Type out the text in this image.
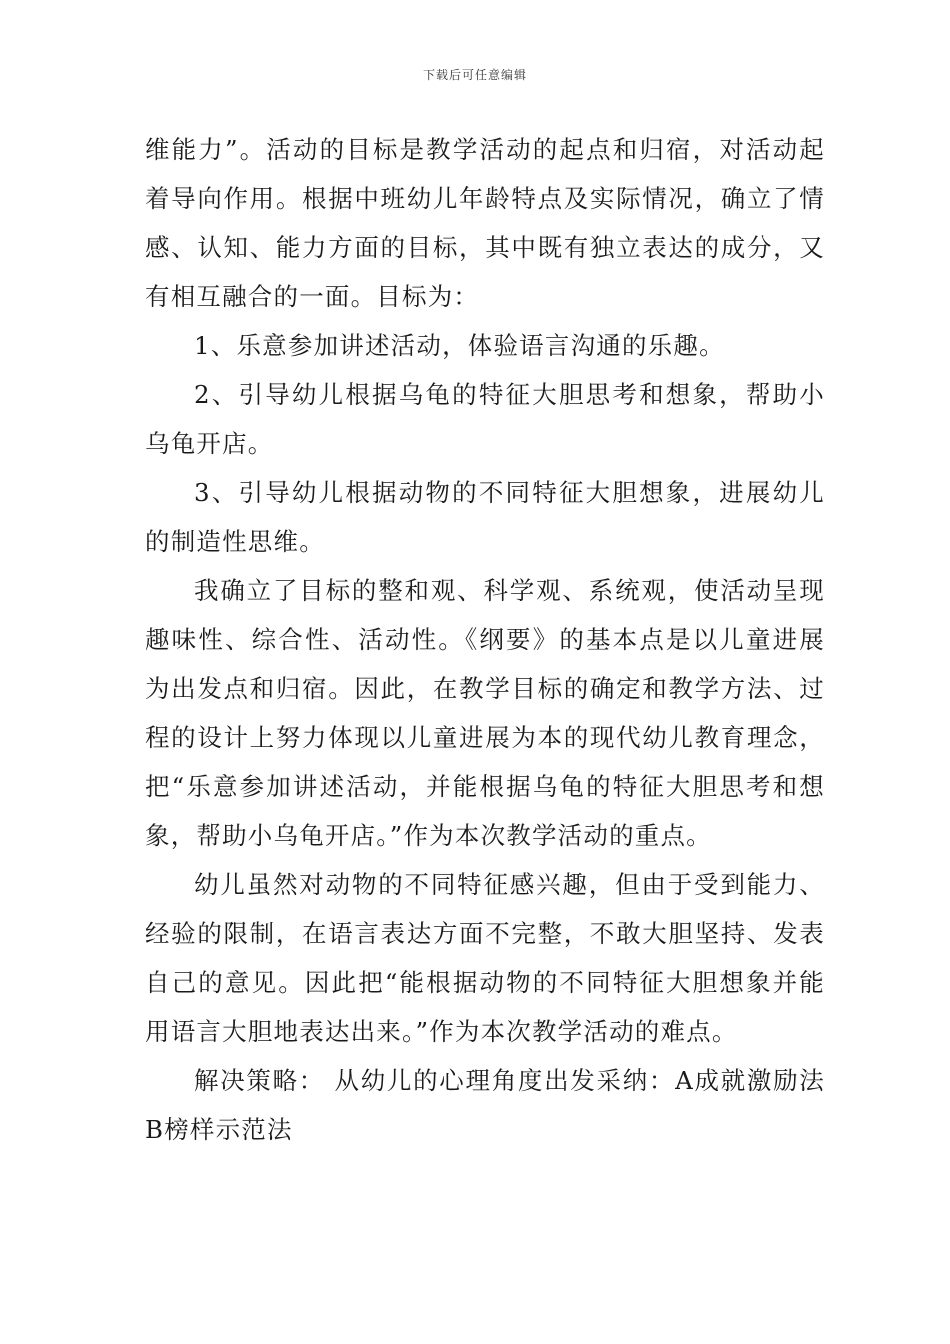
下载后可任意编辑

维能力”。活动的目标是教学活动的起点和归宿，对活动起着导向作用。根据中班幼儿年龄特点及实际情况，确立了情感、认知、能力方面的目标，其中既有独立表达的成分，又有相互融合的一面。目标为：

1、乐意参加讲述活动，体验语言沟通的乐趣。

2、引导幼儿根据乌龟的特征大胆思考和想象，帮助小乌龟开店。

3、引导幼儿根据动物的不同特征大胆想象，进展幼儿的制造性思维。

我确立了目标的整和观、科学观、系统观，使活动呈现趣味性、综合性、活动性。《纲要》的基本点是以儿童进展为出发点和归宿。因此，在教学目标的确定和教学方法、过程的设计上努力体现以儿童进展为本的现代幼儿教育理念，把“乐意参加讲述活动，并能根据乌龟的特征大胆思考和想象，帮助小乌龟开店。”作为本次教学活动的重点。

幼儿虽然对动物的不同特征感兴趣，但由于受到能力、经验的限制，在语言表达方面不完整，不敢大胆坚持、发表自己的意见。因此把“能根据动物的不同特征大胆想象并能用语言大胆地表达出来。”作为本次教学活动的难点。

解决策略： 从幼儿的心理角度出发采纳：A成就激励法 B榜样示范法
